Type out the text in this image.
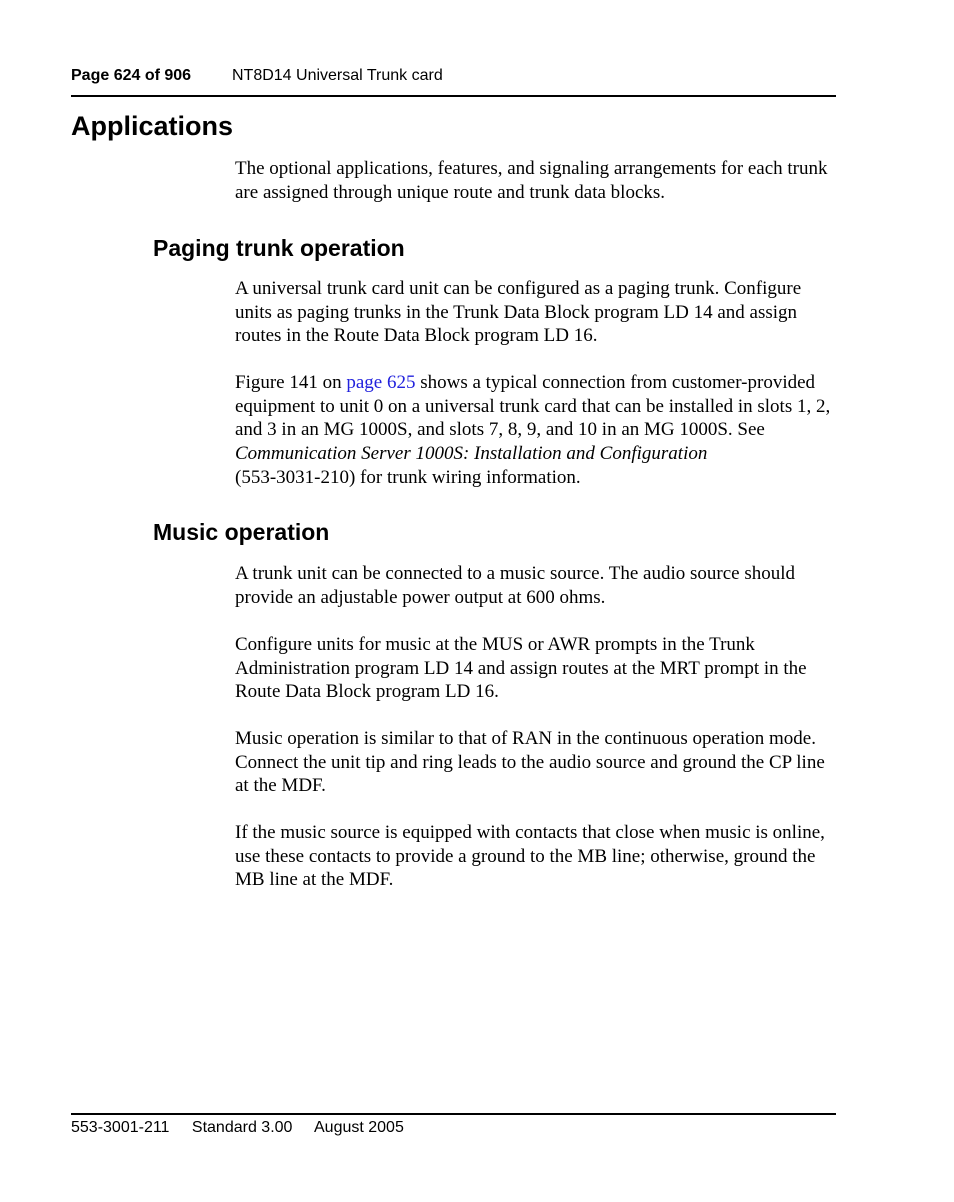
Page 624 of 906	NT8D14 Universal Trunk card
Applications

The optional applications, features, and signaling arrangements for each trunk are assigned through unique route and trunk data blocks.

Paging trunk operation

A universal trunk card unit can be configured as a paging trunk. Configure units as paging trunks in the Trunk Data Block program LD 14 and assign routes in the Route Data Block program LD 16.

Figure 141 on page 625 shows a typical connection from customer-provided equipment to unit 0 on a universal trunk card that can be installed in slots 1, 2, and 3 in an MG 1000S, and slots 7, 8, 9, and 10 in an MG 1000S. See Communication Server 1000S: Installation and Configuration
(553-3031-210) for trunk wiring information.

Music operation

A trunk unit can be connected to a music source. The audio source should provide an adjustable power output at 600 ohms.

Configure units for music at the MUS or AWR prompts in the Trunk Administration program LD 14 and assign routes at the MRT prompt in the Route Data Block program LD 16.

Music operation is similar to that of RAN in the continuous operation mode. Connect the unit tip and ring leads to the audio source and ground the CP line at the MDF.

If the music source is equipped with contacts that close when music is online, use these contacts to provide a ground to the MB line; otherwise, ground the MB line at the MDF.

553-3001-211 Standard 3.00 August 2005
